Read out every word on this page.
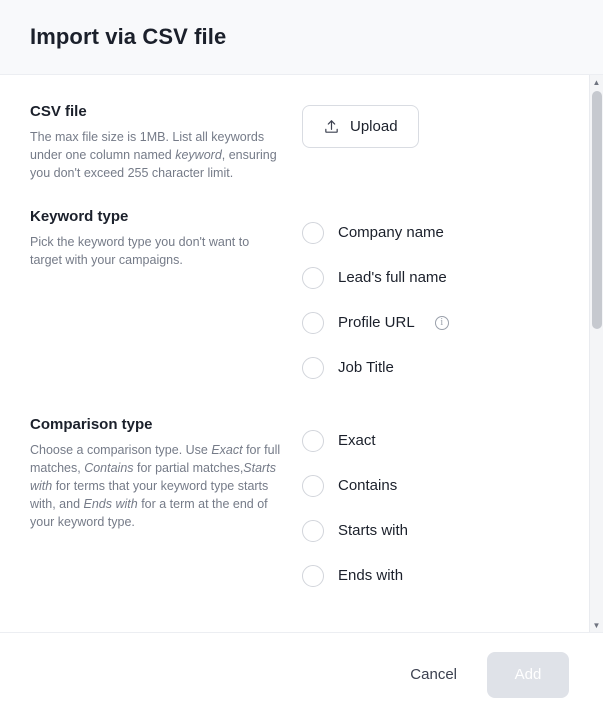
Import via CSV file
CSV file
The max file size is 1MB. List all keywords under one column named keyword, ensuring you don't exceed 255 character limit.
Upload
Keyword type
Pick the keyword type you don't want to target with your campaigns.
Company name
Lead's full name
Profile URL	i
Job Title
Comparison type
Choose a comparison type. Use Exact for full matches, Contains for partial matches,Starts with for terms that your keyword type starts with, and Ends with for a term at the end of your keyword type.
Exact
Contains
Starts with
Ends with
▲
▼
Cancel	Add
